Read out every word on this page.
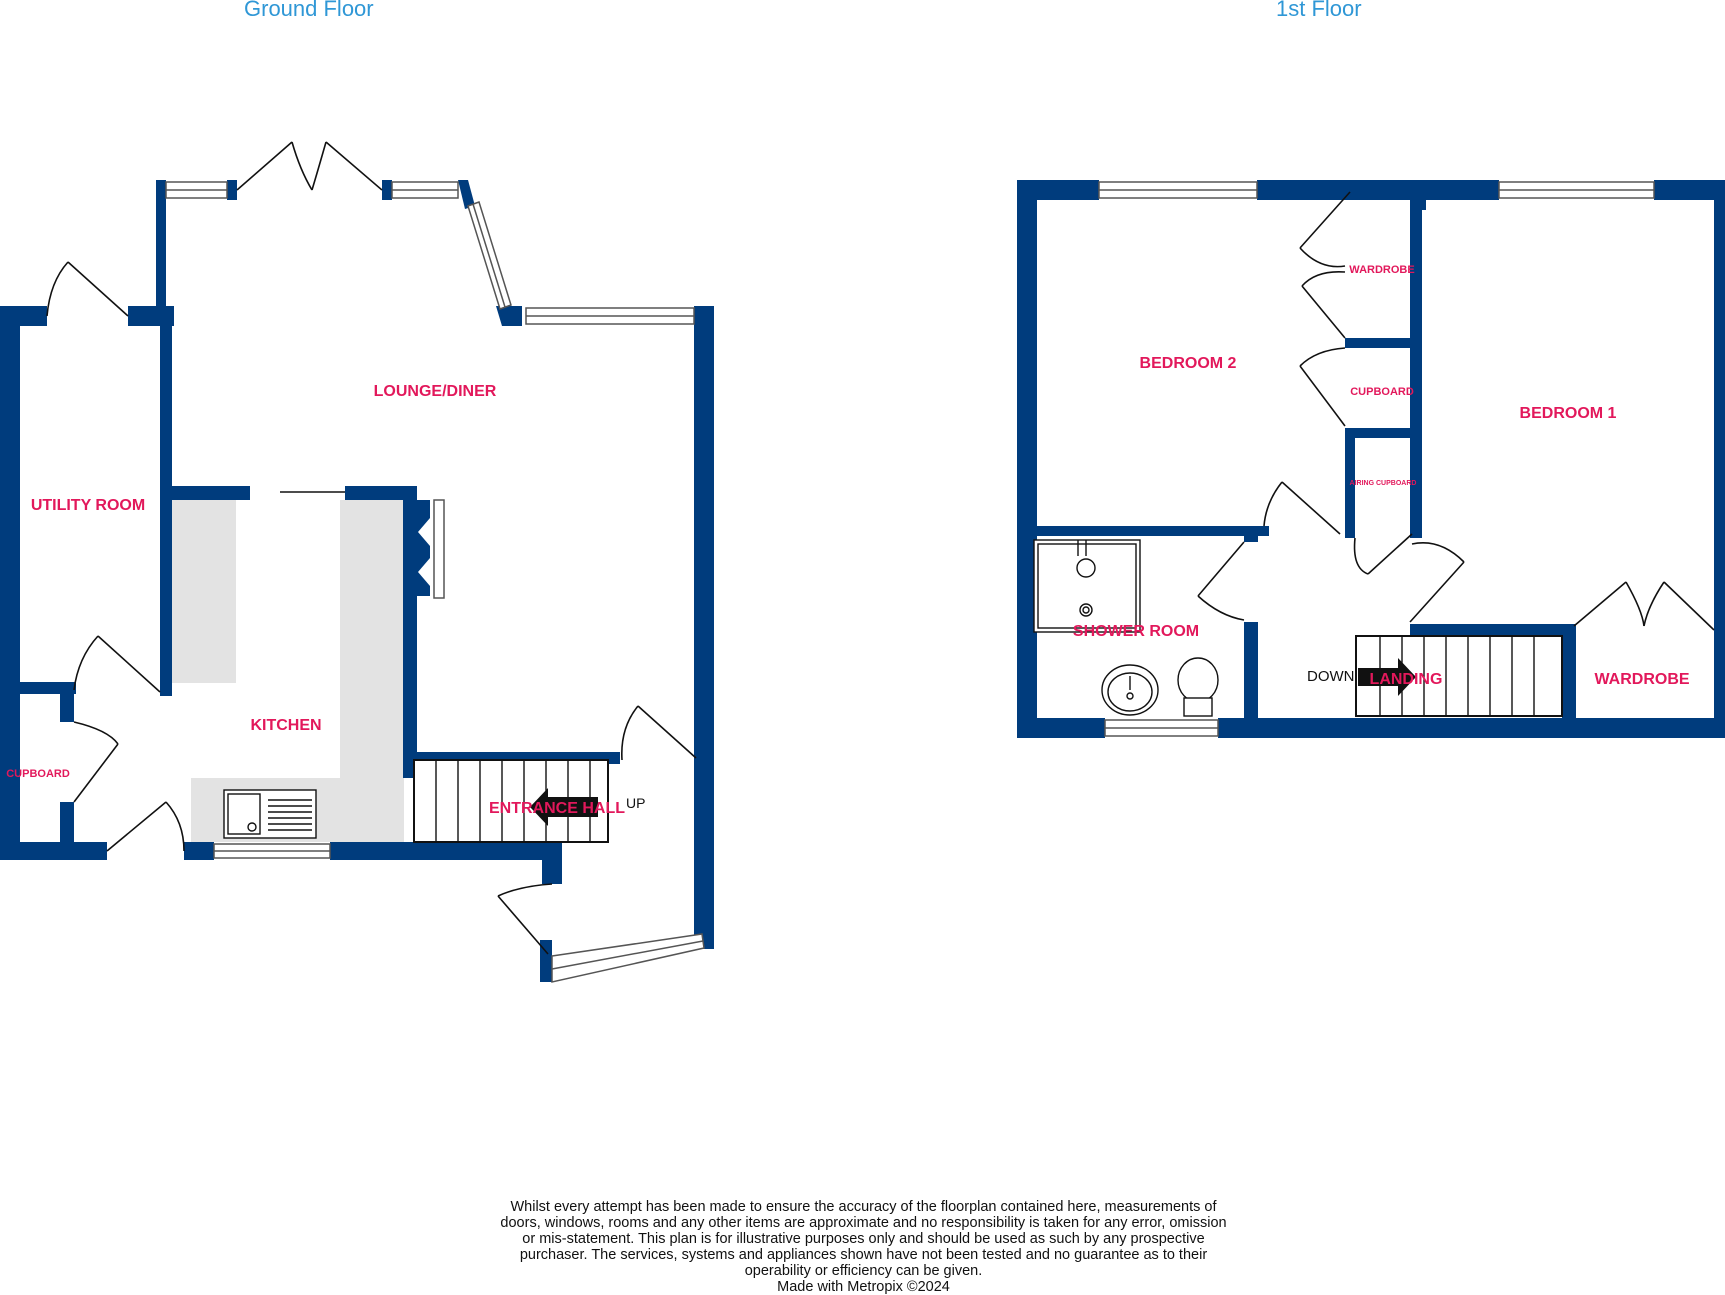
Ground Floor	1st Floor
LOUNGE/DINER
UTILITY ROOM
KITCHEN
CUPBOARD
ENTRANCE HALL UP
BEDROOM 2
WARDROBE
CUPBOARD
AIRING CUPBOARD
BEDROOM 1
SHOWER ROOM
LANDING	WARDROBE
DOWN

Whilst every attempt has been made to ensure the accuracy of the floorplan contained here, measurements of doors, windows, rooms and any other items are approximate and no responsibility is taken for any error, omission or mis-statement. This plan is for illustrative purposes only and should be used as such by any prospective purchaser. The services, systems and appliances shown have not been tested and no guarantee as to their operability or efficiency can be given.

Made with Metropix ©2024
